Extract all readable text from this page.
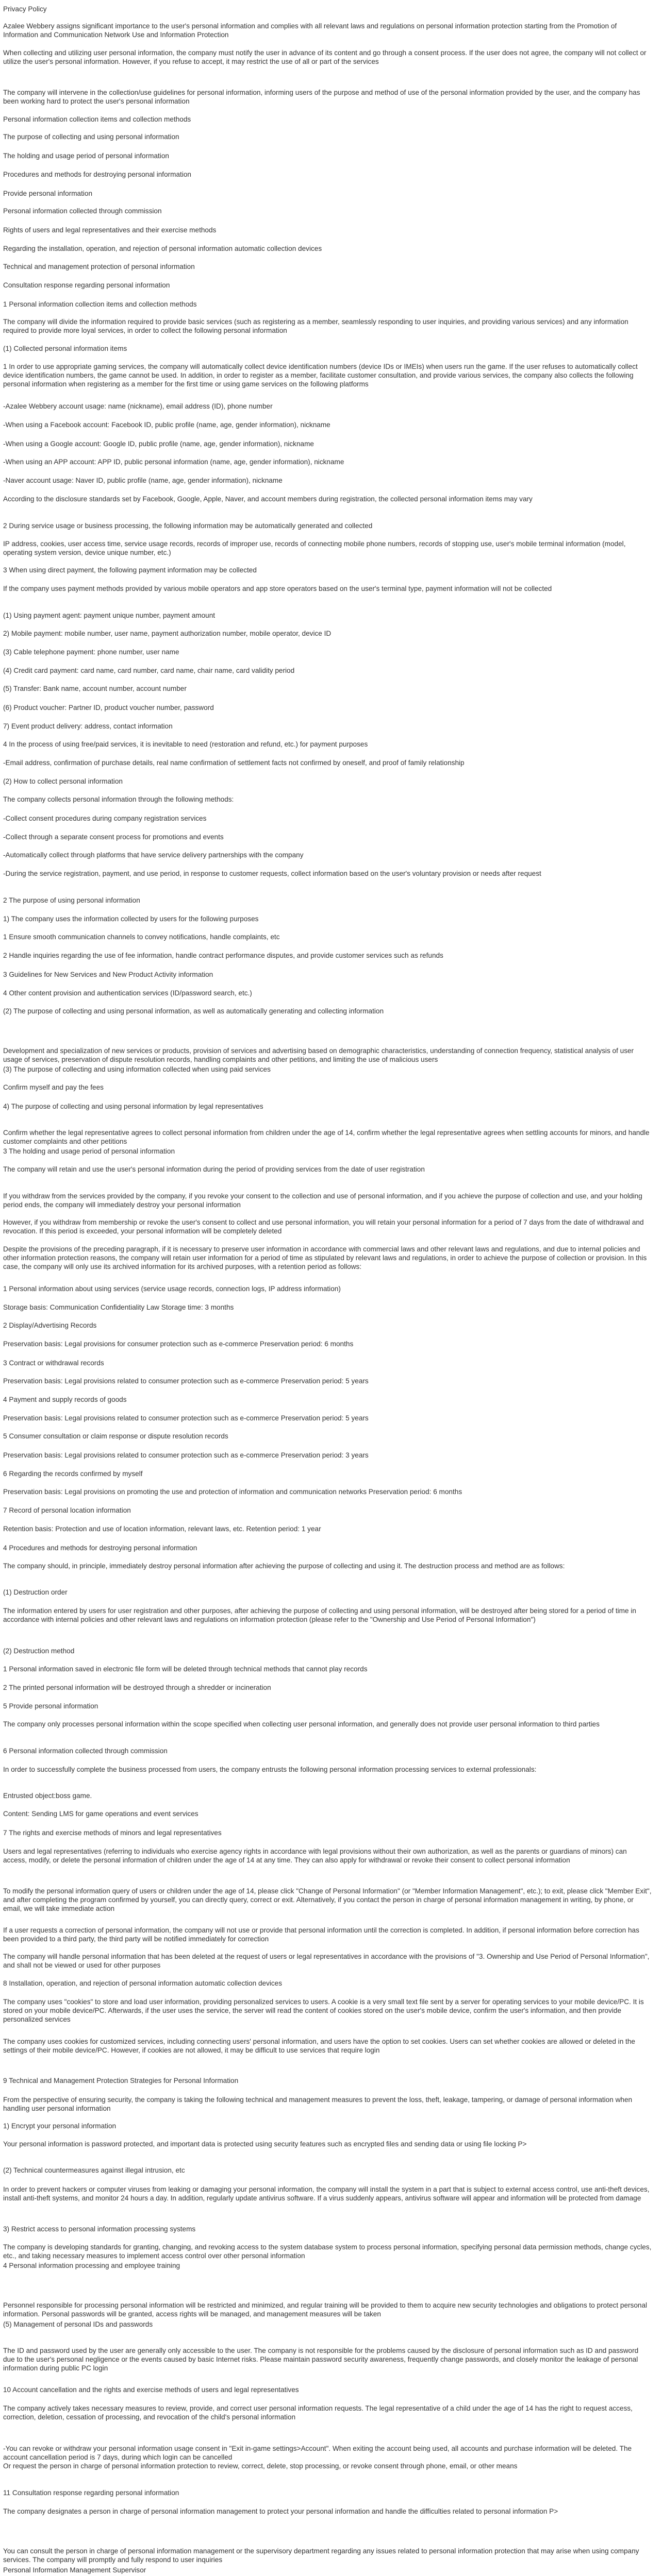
Privacy Policy

Azalee Webbery assigns significant importance to the user's personal information and complies with all relevant laws and regulations on personal information protection starting from the Promotion of Information and Communication Network Use and Information Protection

When collecting and utilizing user personal information, the company must notify the user in advance of its content and go through a consent process. If the user does not agree, the company will not collect or utilize the user's personal information. However, if you refuse to accept, it may restrict the use of all or part of the services

The company will intervene in the collection/use guidelines for personal information, informing users of the purpose and method of use of the personal information provided by the user, and the company has been working hard to protect the user's personal information

Personal information collection items and collection methods

The purpose of collecting and using personal information

The holding and usage period of personal information

Procedures and methods for destroying personal information

Provide personal information

Personal information collected through commission

Rights of users and legal representatives and their exercise methods

Regarding the installation, operation, and rejection of personal information automatic collection devices

Technical and management protection of personal information

Consultation response regarding personal information

1 Personal information collection items and collection methods

The company will divide the information required to provide basic services (such as registering as a member, seamlessly responding to user inquiries, and providing various services) and any information required to provide more loyal services, in order to collect the following personal information

(1) Collected personal information items

1 In order to use appropriate gaming services, the company will automatically collect device identification numbers (device IDs or IMEIs) when users run the game. If the user refuses to automatically collect device identification numbers, the game cannot be used. In addition, in order to register as a member, facilitate customer consultation, and provide various services, the company also collects the following personal information when registering as a member for the first time or using game services on the following platforms

-Azalee Webbery account usage: name (nickname), email address (ID), phone number

-When using a Facebook account: Facebook ID, public profile (name, age, gender information), nickname

-When using a Google account: Google ID, public profile (name, age, gender information), nickname

-When using an APP account: APP ID, public personal information (name, age, gender information), nickname

-Naver account usage: Naver ID, public profile (name, age, gender information), nickname

According to the disclosure standards set by Facebook, Google, Apple, Naver, and account members during registration, the collected personal information items may vary

2 During service usage or business processing, the following information may be automatically generated and collected

IP address, cookies, user access time, service usage records, records of improper use, records of connecting mobile phone numbers, records of stopping use, user's mobile terminal information (model, operating system version, device unique number, etc.)

3 When using direct payment, the following payment information may be collected

If the company uses payment methods provided by various mobile operators and app store operators based on the user's terminal type, payment information will not be collected

(1) Using payment agent: payment unique number, payment amount

2) Mobile payment: mobile number, user name, payment authorization number, mobile operator, device ID

(3) Cable telephone payment: phone number, user name

(4) Credit card payment: card name, card number, card name, chair name, card validity period

(5) Transfer: Bank name, account number, account number

(6) Product voucher: Partner ID, product voucher number, password

7) Event product delivery: address, contact information

4 In the process of using free/paid services, it is inevitable to need (restoration and refund, etc.) for payment purposes

-Email address, confirmation of purchase details, real name confirmation of settlement facts not confirmed by oneself, and proof of family relationship

(2) How to collect personal information

The company collects personal information through the following methods:

-Collect consent procedures during company registration services

-Collect through a separate consent process for promotions and events

-Automatically collect through platforms that have service delivery partnerships with the company

-During the service registration, payment, and use period, in response to customer requests, collect information based on the user's voluntary provision or needs after request

2 The purpose of using personal information

1) The company uses the information collected by users for the following purposes

1 Ensure smooth communication channels to convey notifications, handle complaints, etc

2 Handle inquiries regarding the use of fee information, handle contract performance disputes, and provide customer services such as refunds

3 Guidelines for New Services and New Product Activity information

4 Other content provision and authentication services (ID/password search, etc.)

(2) The purpose of collecting and using personal information, as well as automatically generating and collecting information

Development and specialization of new services or products, provision of services and advertising based on demographic characteristics, understanding of connection frequency, statistical analysis of user usage of services, preservation of dispute resolution records, handling complaints and other petitions, and limiting the use of malicious users

(3) The purpose of collecting and using information collected when using paid services

Confirm myself and pay the fees

4) The purpose of collecting and using personal information by legal representatives

Confirm whether the legal representative agrees to collect personal information from children under the age of 14, confirm whether the legal representative agrees when settling accounts for minors, and handle customer complaints and other petitions

3 The holding and usage period of personal information

The company will retain and use the user's personal information during the period of providing services from the date of user registration

If you withdraw from the services provided by the company, if you revoke your consent to the collection and use of personal information, and if you achieve the purpose of collection and use, and your holding period ends, the company will immediately destroy your personal information

However, if you withdraw from membership or revoke the user's consent to collect and use personal information, you will retain your personal information for a period of 7 days from the date of withdrawal and revocation. If this period is exceeded, your personal information will be completely deleted

Despite the provisions of the preceding paragraph, if it is necessary to preserve user information in accordance with commercial laws and other relevant laws and regulations, and due to internal policies and other information protection reasons, the company will retain user information for a period of time as stipulated by relevant laws and regulations, in order to achieve the purpose of collection or provision. In this case, the company will only use its archived information for its archived purposes, with a retention period as follows:

1 Personal information about using services (service usage records, connection logs, IP address information)

Storage basis: Communication Confidentiality Law Storage time: 3 months

2 Display/Advertising Records

Preservation basis: Legal provisions for consumer protection such as e-commerce Preservation period: 6 months

3 Contract or withdrawal records

Preservation basis: Legal provisions related to consumer protection such as e-commerce Preservation period: 5 years

4 Payment and supply records of goods

Preservation basis: Legal provisions related to consumer protection such as e-commerce Preservation period: 5 years

5 Consumer consultation or claim response or dispute resolution records

Preservation basis: Legal provisions related to consumer protection such as e-commerce Preservation period: 3 years

6 Regarding the records confirmed by myself

Preservation basis: Legal provisions on promoting the use and protection of information and communication networks Preservation period: 6 months

7 Record of personal location information

Retention basis: Protection and use of location information, relevant laws, etc. Retention period: 1 year

4 Procedures and methods for destroying personal information

The company should, in principle, immediately destroy personal information after achieving the purpose of collecting and using it. The destruction process and method are as follows:

(1) Destruction order

The information entered by users for user registration and other purposes, after achieving the purpose of collecting and using personal information, will be destroyed after being stored for a period of time in accordance with internal policies and other relevant laws and regulations on information protection (please refer to the "Ownership and Use Period of Personal Information")

(2) Destruction method

1 Personal information saved in electronic file form will be deleted through technical methods that cannot play records

2 The printed personal information will be destroyed through a shredder or incineration

5 Provide personal information

The company only processes personal information within the scope specified when collecting user personal information, and generally does not provide user personal information to third parties

6 Personal information collected through commission

In order to successfully complete the business processed from users, the company entrusts the following personal information processing services to external professionals:

Entrusted object:boss game.

Content: Sending LMS for game operations and event services

7 The rights and exercise methods of minors and legal representatives

Users and legal representatives (referring to individuals who exercise agency rights in accordance with legal provisions without their own authorization, as well as the parents or guardians of minors) can access, modify, or delete the personal information of children under the age of 14 at any time. They can also apply for withdrawal or revoke their consent to collect personal information

To modify the personal information query of users or children under the age of 14, please click "Change of Personal Information" (or "Member Information Management", etc.); to exit, please click "Member Exit", and after completing the program confirmed by yourself, you can directly query, correct or exit. Alternatively, if you contact the person in charge of personal information management in writing, by phone, or email, we will take immediate action

If a user requests a correction of personal information, the company will not use or provide that personal information until the correction is completed. In addition, if personal information before correction has been provided to a third party, the third party will be notified immediately for correction

The company will handle personal information that has been deleted at the request of users or legal representatives in accordance with the provisions of "3. Ownership and Use Period of Personal Information", and shall not be viewed or used for other purposes

8 Installation, operation, and rejection of personal information automatic collection devices

The company uses "cookies" to store and load user information, providing personalized services to users. A cookie is a very small text file sent by a server for operating services to your mobile device/PC. It is stored on your mobile device/PC. Afterwards, if the user uses the service, the server will read the content of cookies stored on the user's mobile device, confirm the user's information, and then provide personalized services

The company uses cookies for customized services, including connecting users' personal information, and users have the option to set cookies. Users can set whether cookies are allowed or deleted in the settings of their mobile device/PC. However, if cookies are not allowed, it may be difficult to use services that require login

9 Technical and Management Protection Strategies for Personal Information

From the perspective of ensuring security, the company is taking the following technical and management measures to prevent the loss, theft, leakage, tampering, or damage of personal information when handling user personal information

1) Encrypt your personal information

Your personal information is password protected, and important data is protected using security features such as encrypted files and sending data or using file locking P>

(2) Technical countermeasures against illegal intrusion, etc

In order to prevent hackers or computer viruses from leaking or damaging your personal information, the company will install the system in a part that is subject to external access control, use anti-theft devices, install anti-theft systems, and monitor 24 hours a day. In addition, regularly update antivirus software. If a virus suddenly appears, antivirus software will appear and information will be protected from damage

3) Restrict access to personal information processing systems

The company is developing standards for granting, changing, and revoking access to the system database system to process personal information, specifying personal data permission methods, change cycles, etc., and taking necessary measures to implement access control over other personal information

4 Personal information processing and employee training

Personnel responsible for processing personal information will be restricted and minimized, and regular training will be provided to them to acquire new security technologies and obligations to protect personal information. Personal passwords will be granted, access rights will be managed, and management measures will be taken

(5) Management of personal IDs and passwords

The ID and password used by the user are generally only accessible to the user. The company is not responsible for the problems caused by the disclosure of personal information such as ID and password due to the user's personal negligence or the events caused by basic Internet risks. Please maintain password security awareness, frequently change passwords, and closely monitor the leakage of personal information during public PC login

10 Account cancellation and the rights and exercise methods of users and legal representatives

The company actively takes necessary measures to review, provide, and correct user personal information requests. The legal representative of a child under the age of 14 has the right to request access, correction, deletion, cessation of processing, and revocation of the child's personal information

-You can revoke or withdraw your personal information usage consent in "Exit in-game settings>Account". When exiting the account being used, all accounts and purchase information will be deleted. The account cancellation period is 7 days, during which login can be cancelled

Or request the person in charge of personal information protection to review, correct, delete, stop processing, or revoke consent through phone, email, or other means

11 Consultation response regarding personal information

The company designates a person in charge of personal information management to protect your personal information and handle the difficulties related to personal information P>

You can consult the person in charge of personal information management or the supervisory department regarding any issues related to personal information protection that may arise when using company services. The company will promptly and fully respond to user inquiries

Personal Information Management Supervisor
